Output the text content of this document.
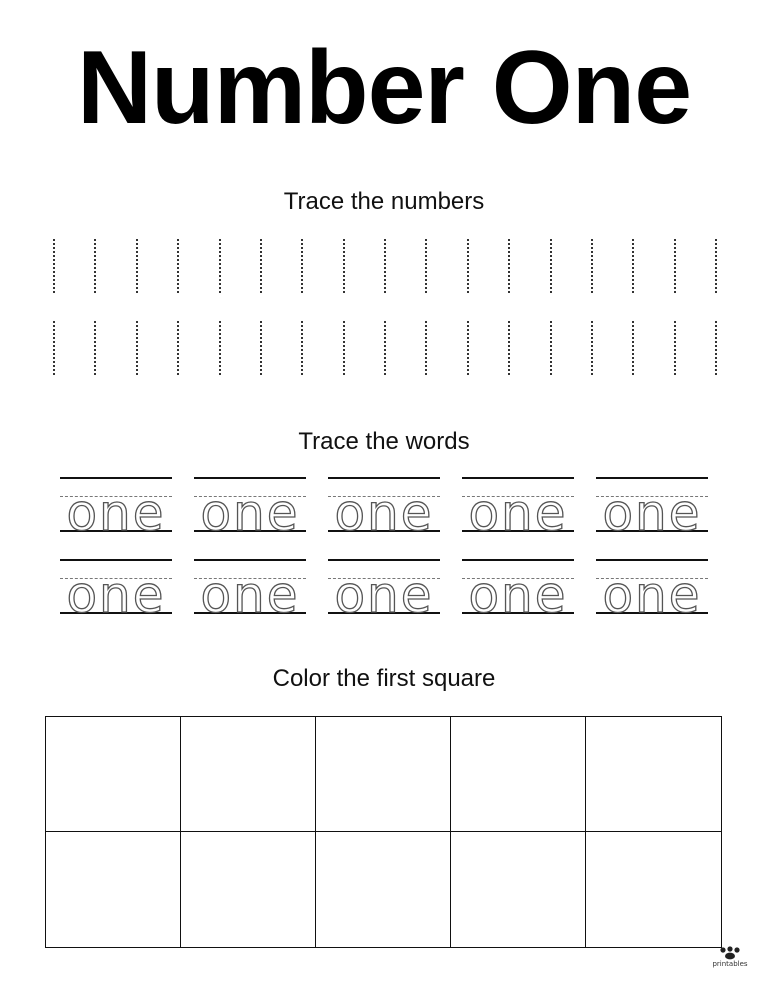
Number One
Trace the numbers
Trace the words
one one one one one
one one one one one
Color the first square
printables
